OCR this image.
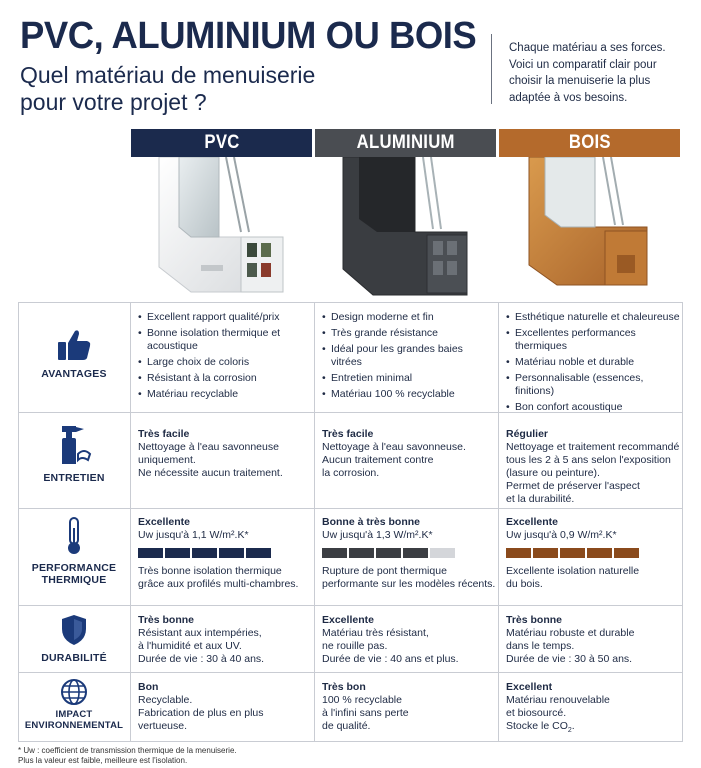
PVC, ALUMINIUM OU BOIS
Quel matériau de menuiserie
pour votre projet ?
Chaque matériau a ses forces.
Voici un comparatif clair pour
choisir la menuiserie la plus
adaptée à vos besoins.
PVC	ALUMINIUM	BOIS
AVANTAGES
• Excellent rapport qualité/prix
• Bonne isolation thermique et acoustique
• Large choix de coloris
• Résistant à la corrosion
• Matériau recyclable
• Design moderne et fin
• Très grande résistance
• Idéal pour les grandes baies vitrées
• Entretien minimal
• Matériau 100 % recyclable
• Esthétique naturelle et chaleureuse
• Excellentes performances thermiques
• Matériau noble et durable
• Personnalisable (essences, finitions)
• Bon confort acoustique
ENTRETIEN
Très facile
Nettoyage à l'eau savonneuse
uniquement.
Ne nécessite aucun traitement.
Très facile
Nettoyage à l'eau savonneuse.
Aucun traitement contre
la corrosion.
Régulier
Nettoyage et traitement recommandé
tous les 2 à 5 ans selon l'exposition
(lasure ou peinture).
Permet de préserver l'aspect
et la durabilité.
PERFORMANCE
THERMIQUE
Excellente
Uw jusqu'à 1,1 W/m².K*
Très bonne isolation thermique
grâce aux profilés multi-chambres.
Bonne à très bonne
Uw jusqu'à 1,3 W/m².K*
Rupture de pont thermique
performante sur les modèles récents.
Excellente
Uw jusqu'à 0,9 W/m².K*
Excellente isolation naturelle
du bois.
DURABILITÉ
Très bonne
Résistant aux intempéries,
à l'humidité et aux UV.
Durée de vie : 30 à 40 ans.
Excellente
Matériau très résistant,
ne rouille pas.
Durée de vie : 40 ans et plus.
Très bonne
Matériau robuste et durable
dans le temps.
Durée de vie : 30 à 50 ans.
IMPACT
ENVIRONNEMENTAL
Bon
Recyclable.
Fabrication de plus en plus
vertueuse.
Très bon
100 % recyclable
à l'infini sans perte
de qualité.
Excellent
Matériau renouvelable
et biosourcé.
Stocke le $CO_2$.
* Uw : coefficient de transmission thermique de la menuiserie.
Plus la valeur est faible, meilleure est l'isolation.
